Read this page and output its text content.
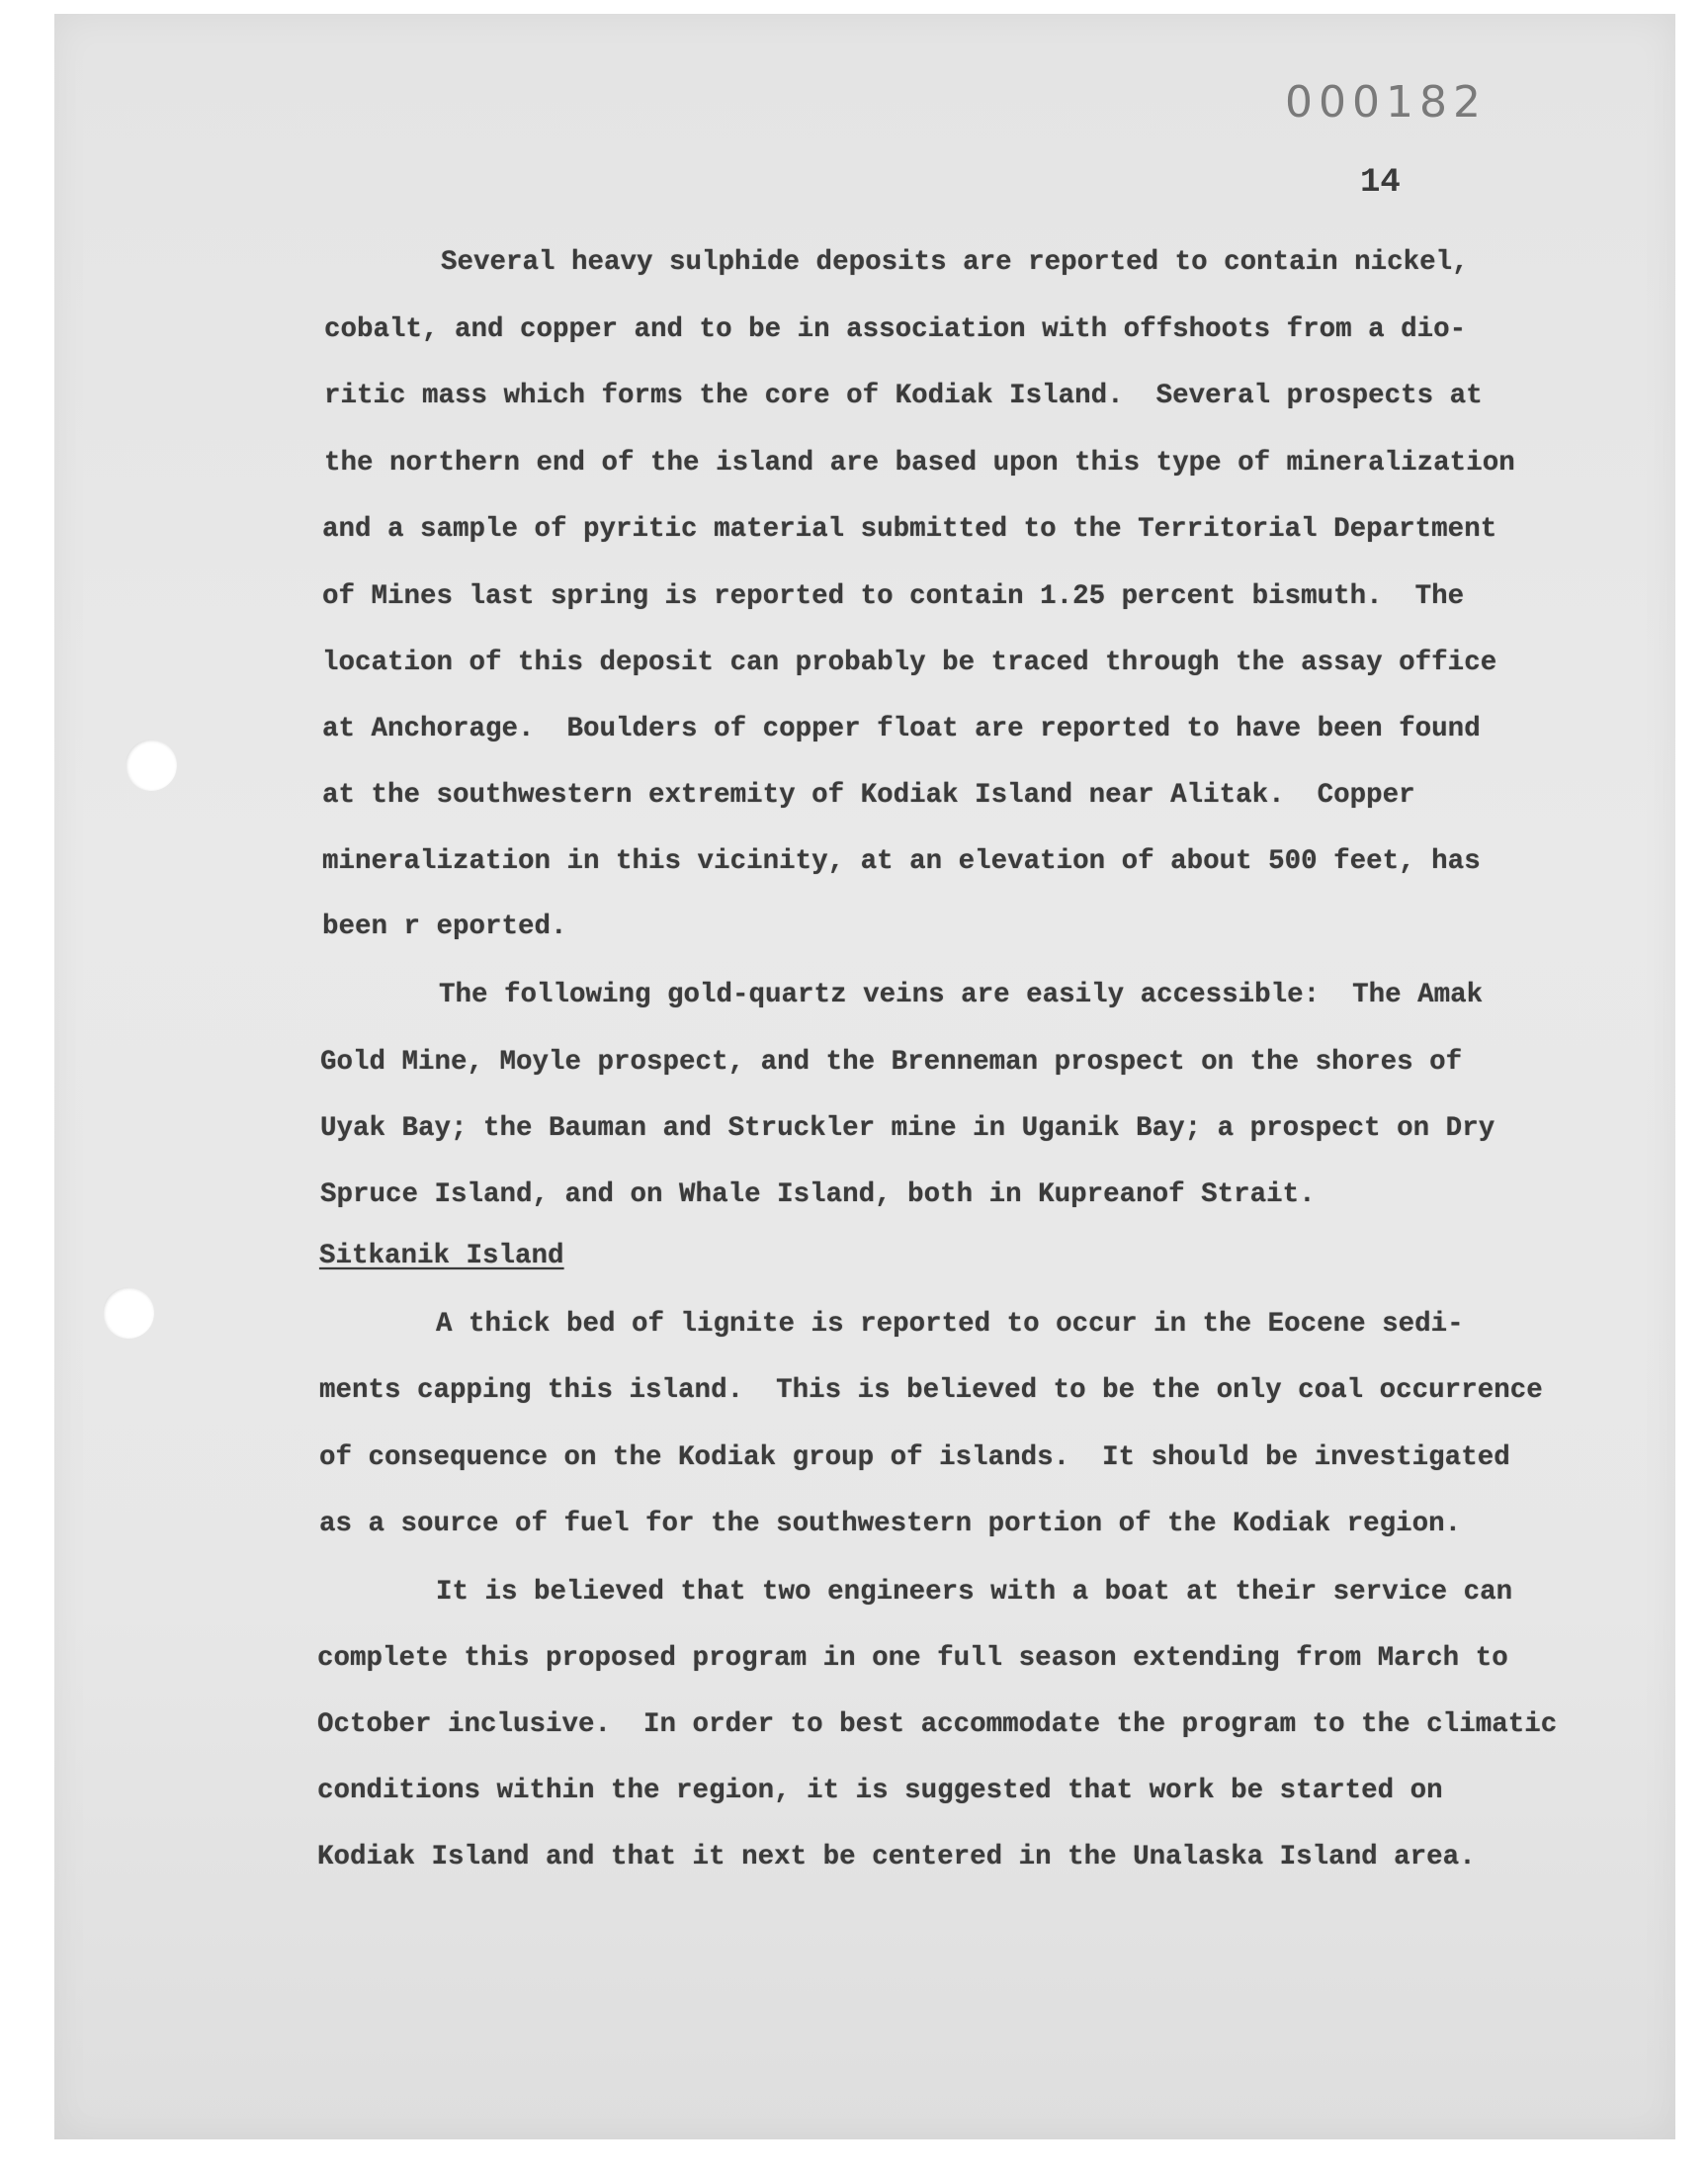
000182
14
Several heavy sulphide deposits are reported to contain nickel,
cobalt, and copper and to be in association with offshoots from a dio-
ritic mass which forms the core of Kodiak Island.  Several prospects at
the northern end of the island are based upon this type of mineralization
and a sample of pyritic material submitted to the Territorial Department
of Mines last spring is reported to contain 1.25 percent bismuth.  The
location of this deposit can probably be traced through the assay office
at Anchorage.  Boulders of copper float are reported to have been found
at the southwestern extremity of Kodiak Island near Alitak.  Copper
mineralization in this vicinity, at an elevation of about 500 feet, has
been r eported.
The following gold-quartz veins are easily accessible:  The Amak
Gold Mine, Moyle prospect, and the Brenneman prospect on the shores of
Uyak Bay; the Bauman and Struckler mine in Uganik Bay; a prospect on Dry
Spruce Island, and on Whale Island, both in Kupreanof Strait.
Sitkanik Island
A thick bed of lignite is reported to occur in the Eocene sedi-
ments capping this island.  This is believed to be the only coal occurrence
of consequence on the Kodiak group of islands.  It should be investigated
as a source of fuel for the southwestern portion of the Kodiak region.
It is believed that two engineers with a boat at their service can
complete this proposed program in one full season extending from March to
October inclusive.  In order to best accommodate the program to the climatic
conditions within the region, it is suggested that work be started on
Kodiak Island and that it next be centered in the Unalaska Island area.
